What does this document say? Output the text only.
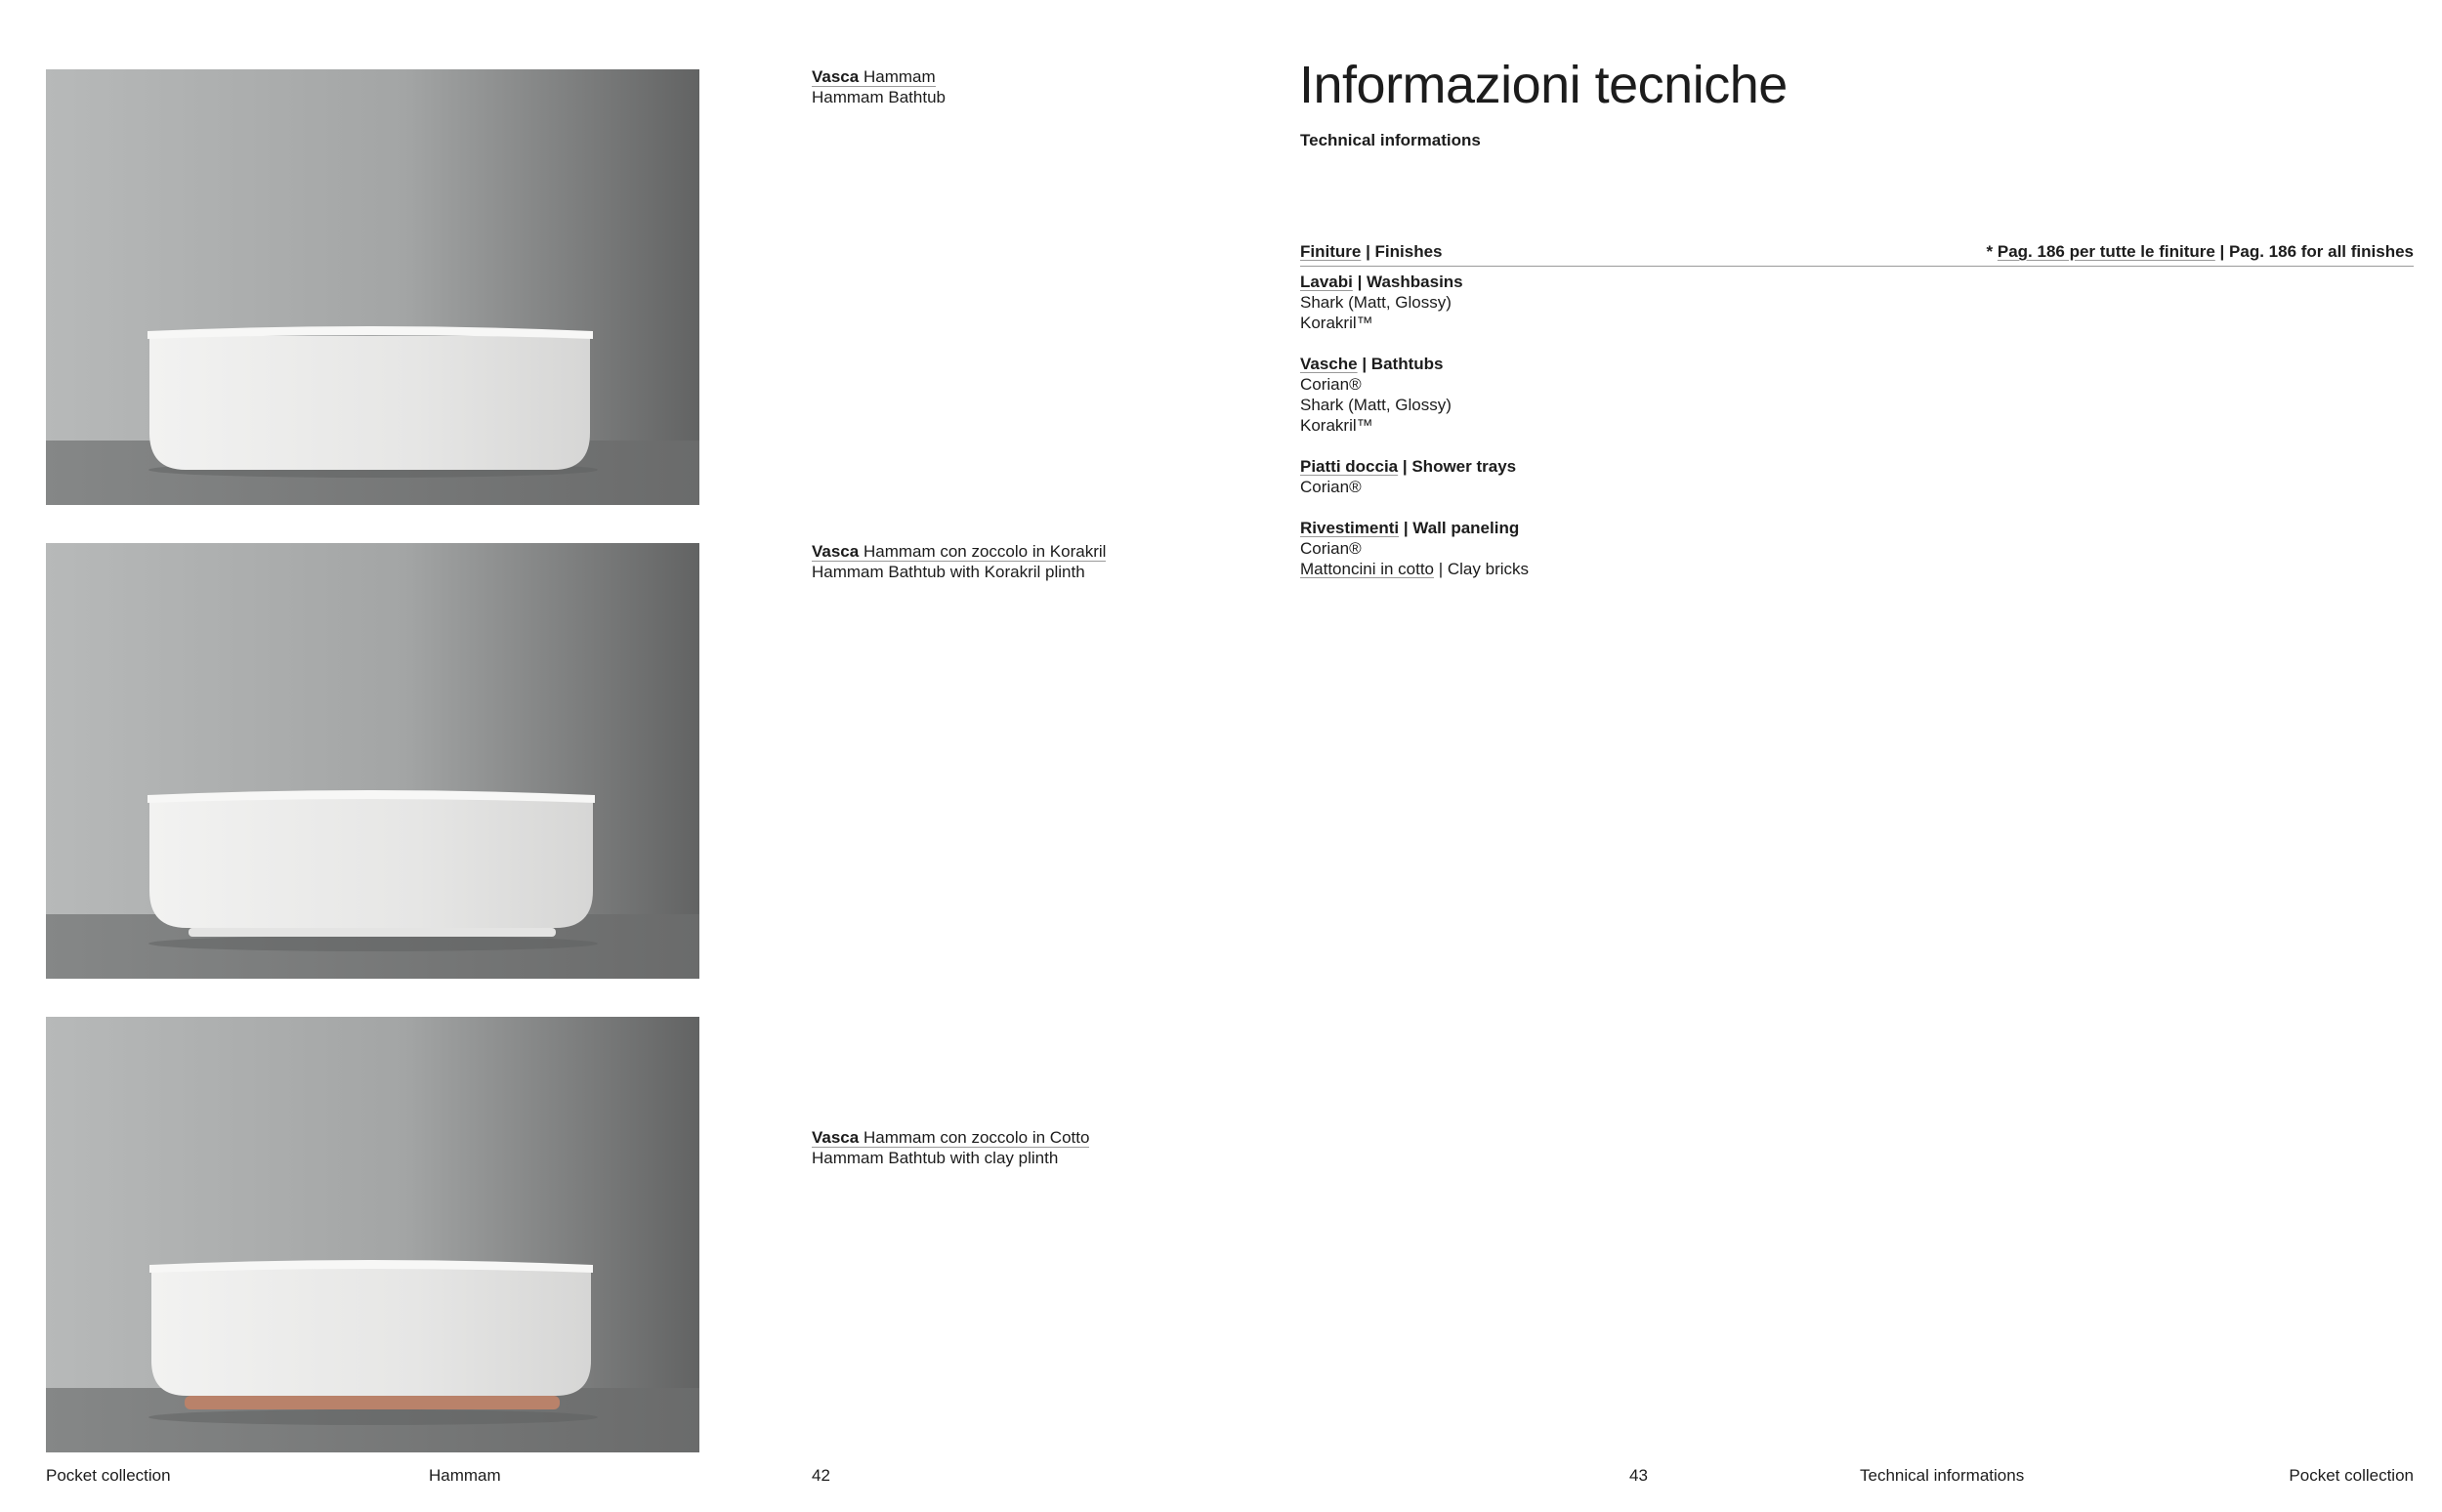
Vasca Hammam
Hammam Bathtub
Vasca Hammam con zoccolo in Korakril
Hammam Bathtub with Korakril plinth
Vasca Hammam con zoccolo in Cotto
Hammam Bathtub with clay plinth
Informazioni tecniche
Technical informations
Finiture | Finishes	* Pag. 186 per tutte le finiture | Pag. 186 for all finishes
Lavabi | Washbasins
Shark (Matt, Glossy)
Korakril™
Vasche | Bathtubs
Corian®
Shark (Matt, Glossy)
Korakril™
Piatti doccia | Shower trays
Corian®
Rivestimenti | Wall paneling
Corian®
Mattoncini in cotto | Clay bricks
Pocket collection	Hammam	42	43	Technical informations	Pocket collection
